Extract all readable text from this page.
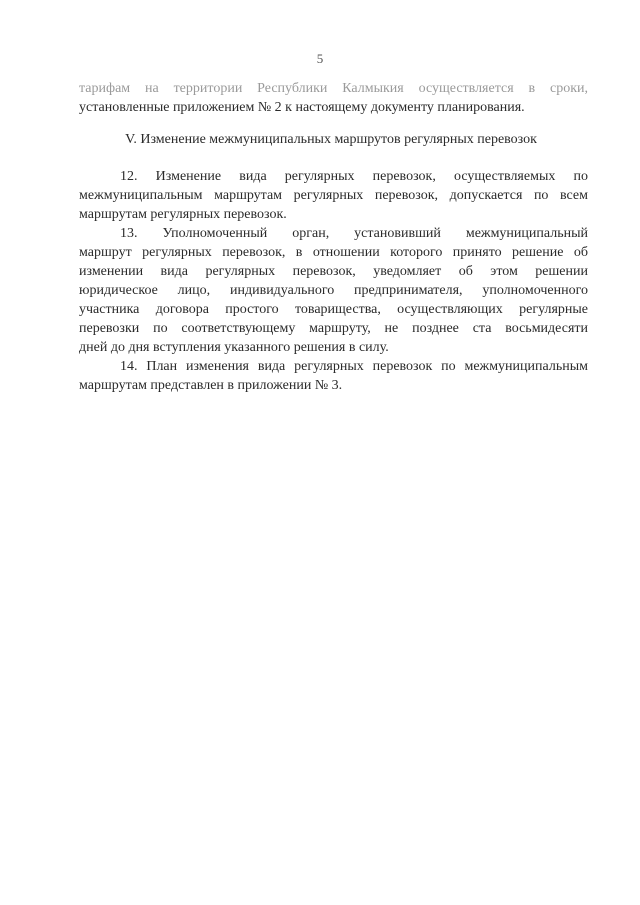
5
тарифам на территории Республики Калмыкия осуществляется в сроки,
установленные приложением № 2 к настоящему документу планирования.
V. Изменение межмуниципальных маршрутов регулярных перевозок
12. Изменение вида регулярных перевозок, осуществляемых по
межмуниципальным маршрутам регулярных перевозок, допускается по всем
маршрутам регулярных перевозок.
13. Уполномоченный орган, установивший межмуниципальный
маршрут регулярных перевозок, в отношении которого принято решение об
изменении вида регулярных перевозок, уведомляет об этом решении
юридическое лицо, индивидуального предпринимателя, уполномоченного
участника договора простого товарищества, осуществляющих регулярные
перевозки по соответствующему маршруту, не позднее ста восьмидесяти
дней до дня вступления указанного решения в силу.
14. План изменения вида регулярных перевозок по межмуниципальным
маршрутам представлен в приложении № 3.
